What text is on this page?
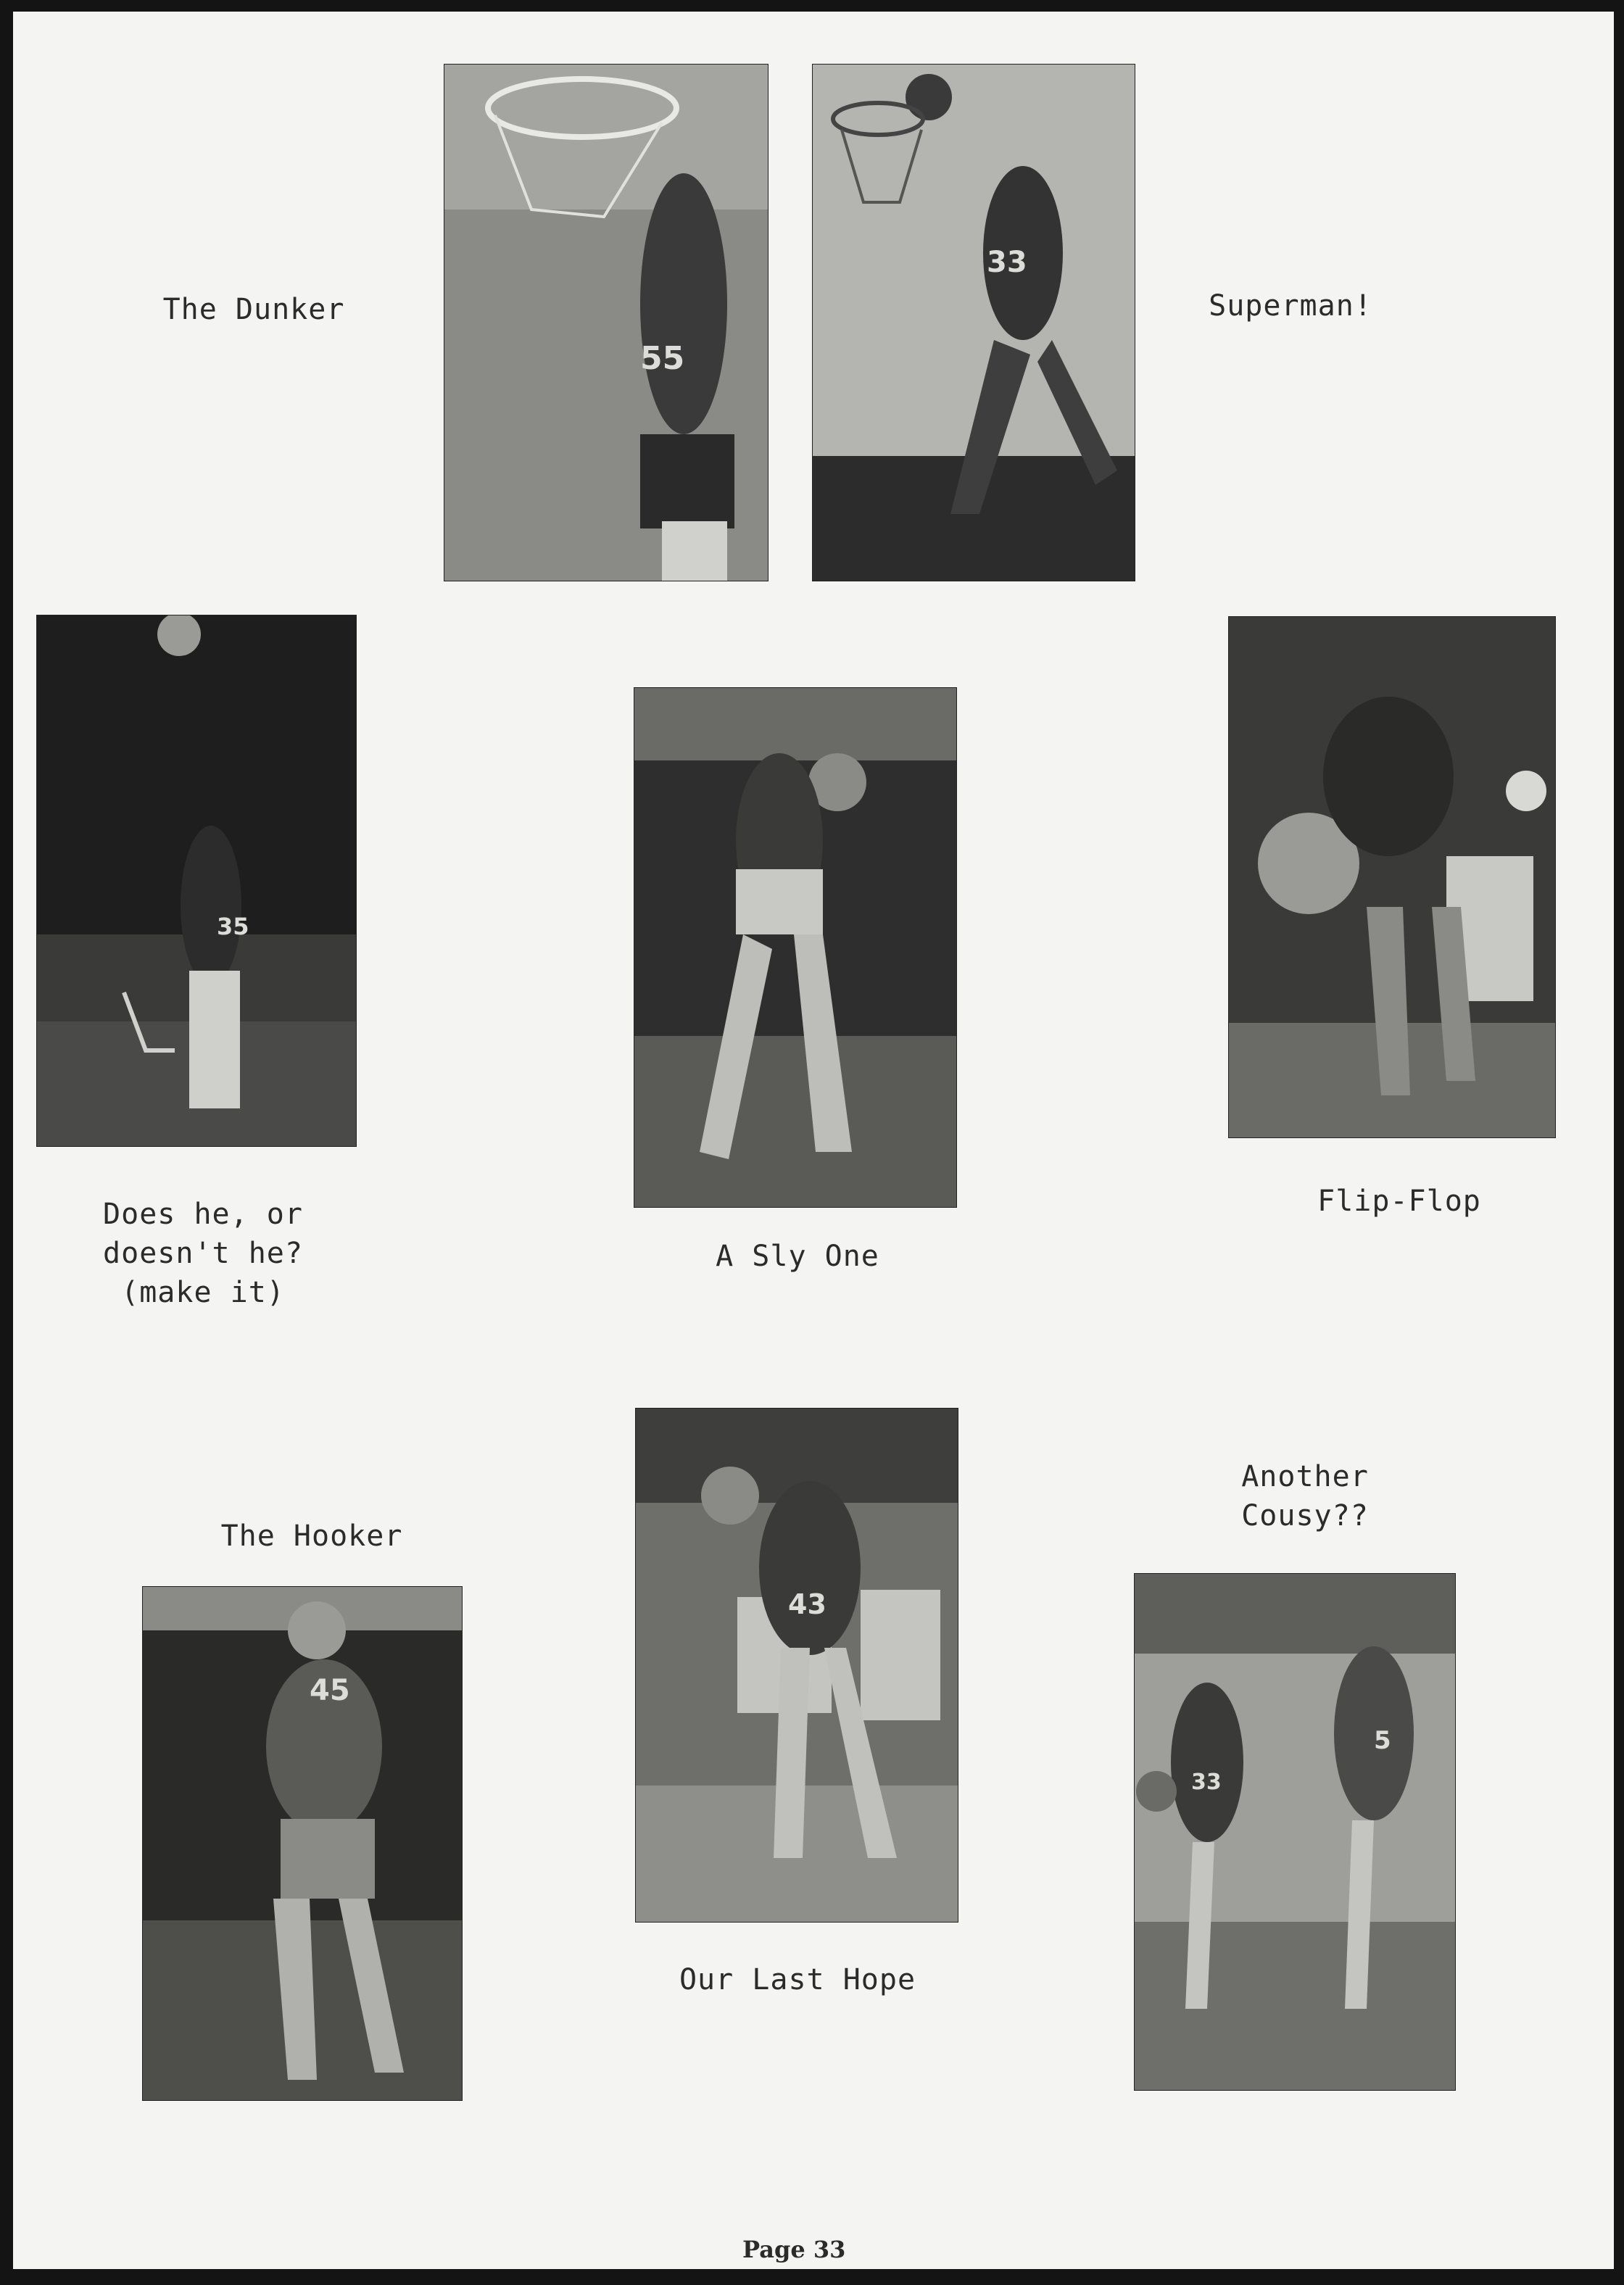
55
33
The Dunker	Superman!
35
Does he, or
doesn't he?
(make it)
A Sly One
Flip-Flop
The Hooker
Another
Cousy??
45
43
Our Last Hope
33
5
Page 33
